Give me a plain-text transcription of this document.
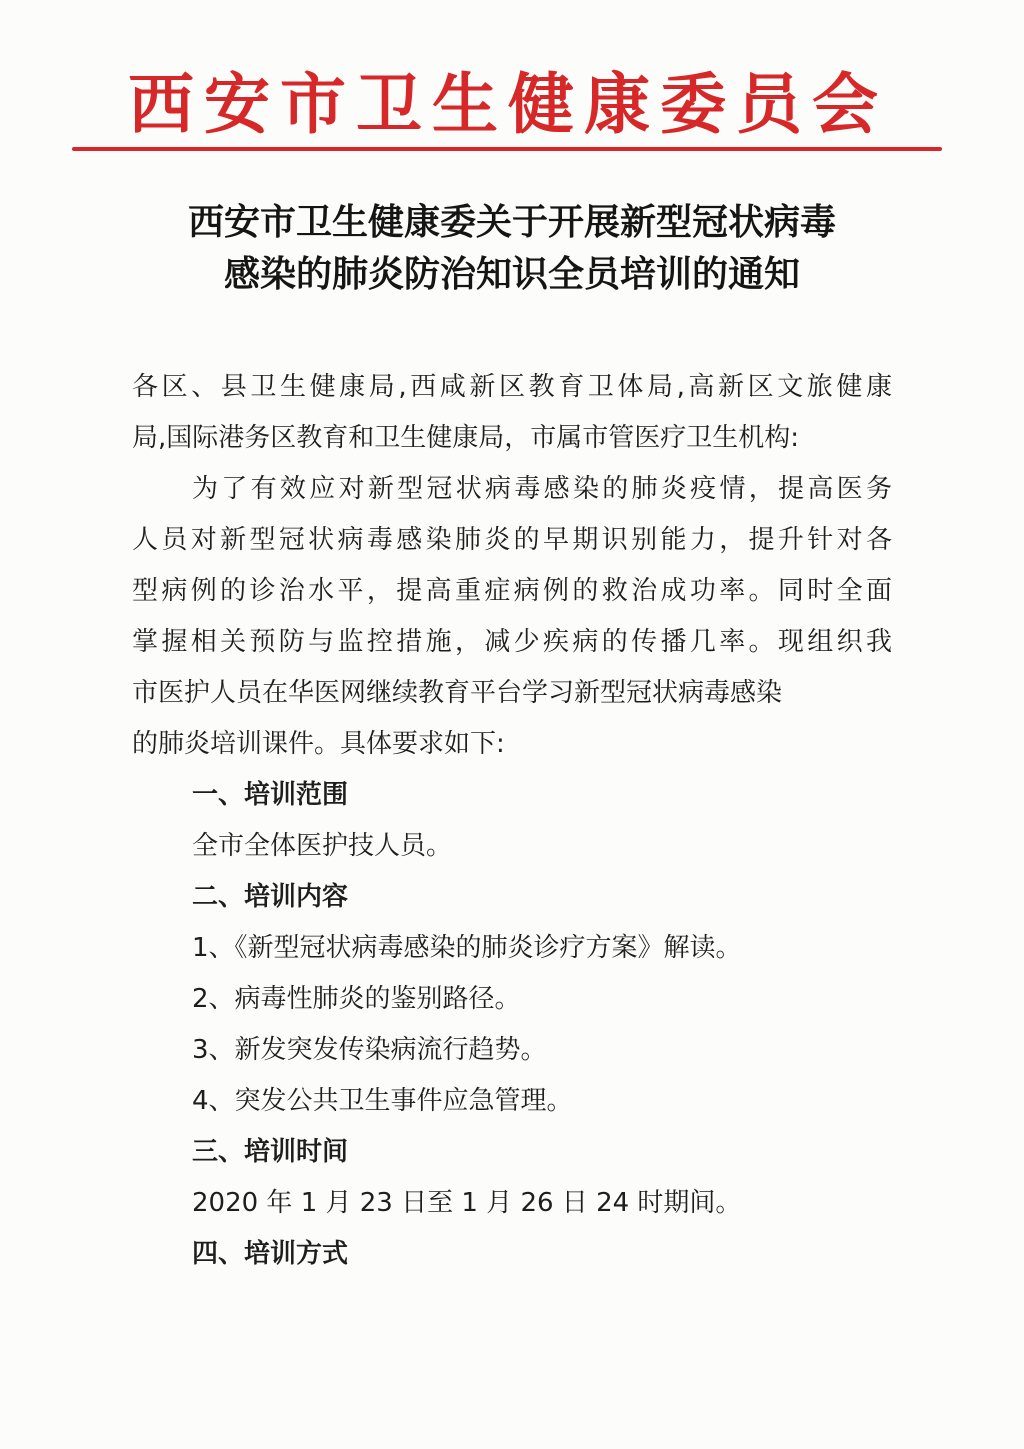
西安市卫生健康委员会
西安市卫生健康委关于开展新型冠状病毒
感染的肺炎防治知识全员培训的通知
各区、县卫生健康局,西咸新区教育卫体局,高新区文旅健康
局,国际港务区教育和卫生健康局，市属市管医疗卫生机构:
为了有效应对新型冠状病毒感染的肺炎疫情，提高医务
人员对新型冠状病毒感染肺炎的早期识别能力，提升针对各
型病例的诊治水平，提高重症病例的救治成功率。同时全面
掌握相关预防与监控措施，减少疾病的传播几率。现组织我
市医护人员在华医网继续教育平台学习新型冠状病毒感染
的肺炎培训课件。具体要求如下:
一、培训范围
全市全体医护技人员。
二、培训内容
1、《新型冠状病毒感染的肺炎诊疗方案》解读。
2、病毒性肺炎的鉴别路径。
3、新发突发传染病流行趋势。
4、突发公共卫生事件应急管理。
三、培训时间
2020 年 1 月 23 日至 1 月 26 日 24 时期间。
四、培训方式
